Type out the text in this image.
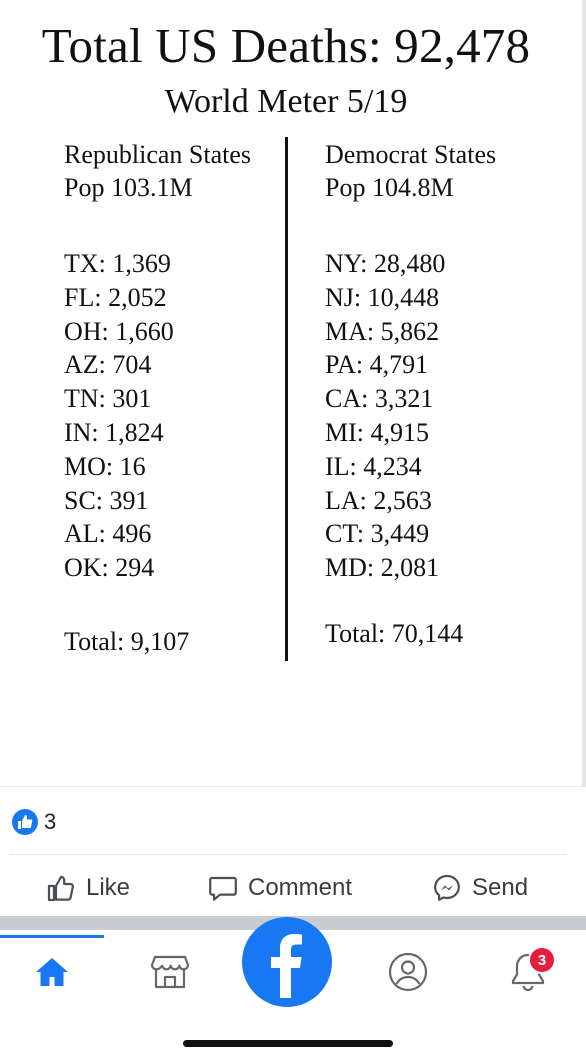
Total US Deaths: 92,478
World Meter 5/19
Republican States
Pop 103.1M
TX: 1,369
FL: 2,052
OH: 1,660
AZ: 704
TN: 301
IN: 1,824
MO: 16
SC: 391
AL: 496
OK: 294
Total: 9,107
Democrat States
Pop 104.8M
NY: 28,480
NJ: 10,448
MA: 5,862
PA: 4,791
CA: 3,321
MI: 4,915
IL: 4,234
LA: 2,563
CT: 3,449
MD: 2,081
Total: 70,144
3
Like	Comment	Send
3
